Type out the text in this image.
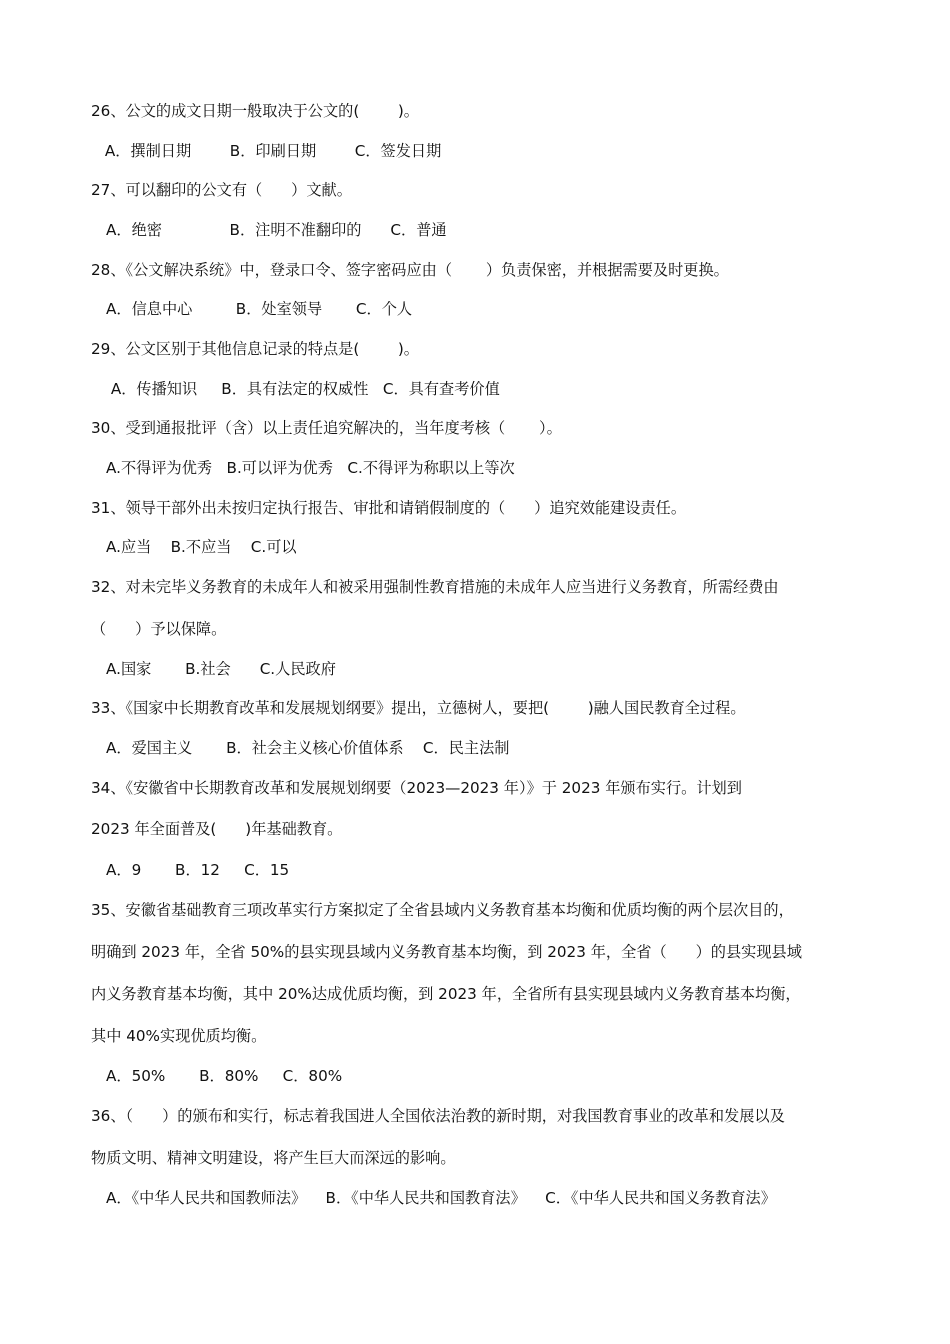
26、公文的成文日期一般取决于公文的(        )。
A．撰制日期        B．印刷日期        C．签发日期
27、可以翻印的公文有（      ）文献。
A．绝密              B．注明不准翻印的      C．普通
28、《公文解决系统》中，登录口令、签字密码应由（       ）负责保密，并根据需要及时更换。
A．信息中心         B．处室领导       C．个人
29、公文区别于其他信息记录的特点是(        )。
A．传播知识     B．具有法定的权威性   C．具有查考价值
30、受到通报批评（含）以上责任追究解决的，当年度考核（       ）。
A.不得评为优秀   B.可以评为优秀   C.不得评为称职以上等次
31、领导干部外出未按归定执行报告、审批和请销假制度的（      ）追究效能建设责任。
A.应当    B.不应当    C.可以
32、对未完毕义务教育的未成年人和被采用强制性教育措施的未成年人应当进行义务教育，所需经费由
（      ）予以保障。
A.国家       B.社会      C.人民政府
33、《国家中长期教育改革和发展规划纲要》提出，立德树人，要把(        )融人国民教育全过程。
A．爱国主义       B．社会主义核心价值体系    C．民主法制
34、《安徽省中长期教育改革和发展规划纲要（2023—2023 年）》于 2023 年颁布实行。计划到
2023 年全面普及(      )年基础教育。
A．9       B．12     C．15
35、安徽省基础教育三项改革实行方案拟定了全省县域内义务教育基本均衡和优质均衡的两个层次目的，
明确到 2023 年，全省 50%的县实现县域内义务教育基本均衡，到 2023 年，全省（      ）的县实现县域
内义务教育基本均衡，其中 20%达成优质均衡，到 2023 年，全省所有县实现县域内义务教育基本均衡，
其中 40%实现优质均衡。
A．50%       B．80%     C．80%
36、（      ）的颁布和实行，标志着我国进人全国依法治教的新时期，对我国教育事业的改革和发展以及
物质文明、精神文明建设，将产生巨大而深远的影响。
A．《中华人民共和国教师法》    B．《中华人民共和国教育法》    C．《中华人民共和国义务教育法》
